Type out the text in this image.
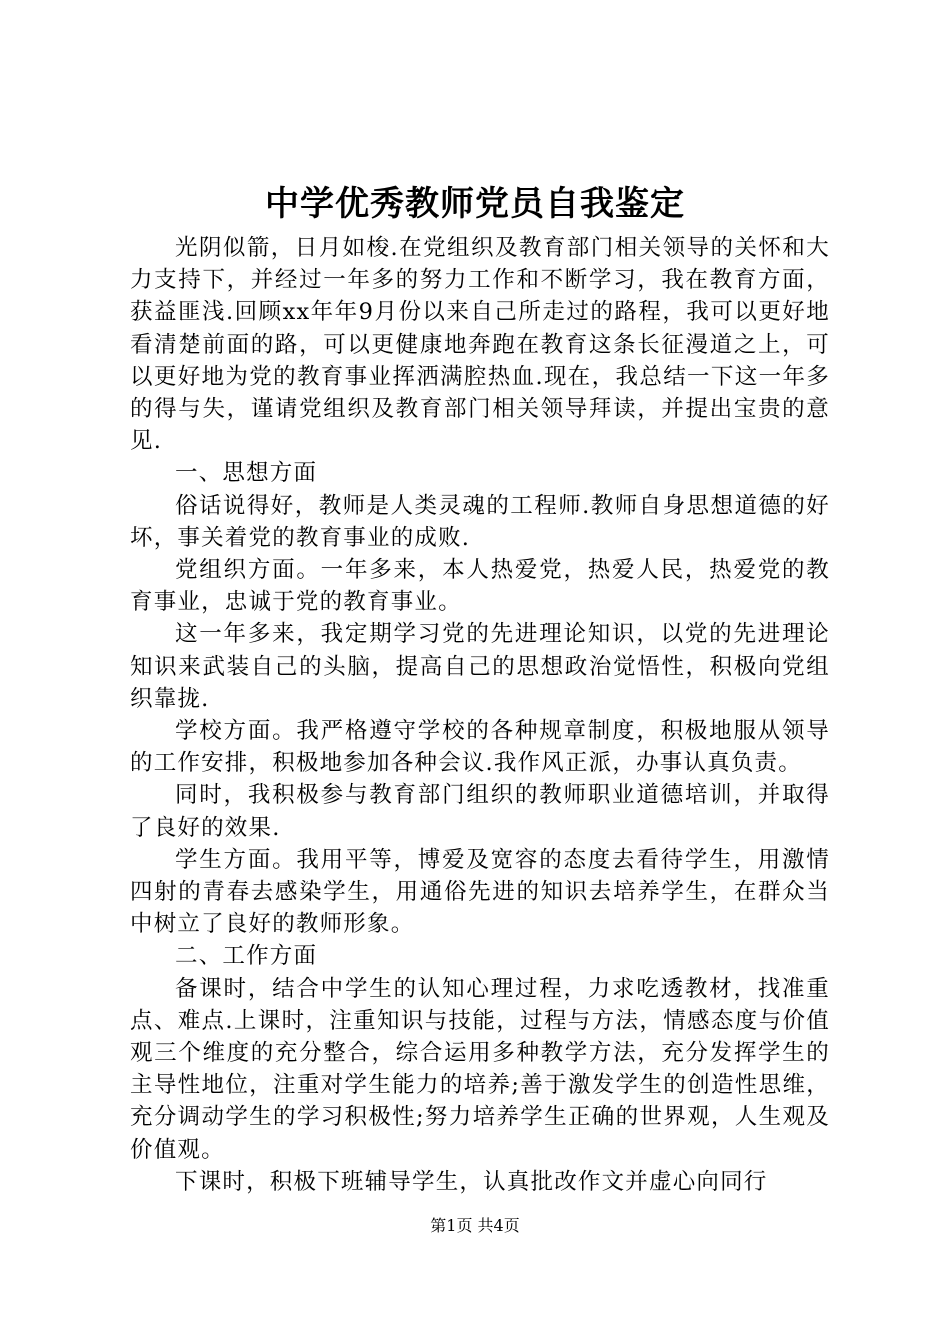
中学优秀教师党员自我鉴定

光阴似箭，日月如梭.在党组织及教育部门相关领导的关怀和大力支持下，并经过一年多的努力工作和不断学习，我在教育方面，获益匪浅.回顾xx年年9月份以来自己所走过的路程，我可以更好地看清楚前面的路，可以更健康地奔跑在教育这条长征漫道之上，可以更好地为党的教育事业挥洒满腔热血.现在，我总结一下这一年多的得与失，谨请党组织及教育部门相关领导拜读，并提出宝贵的意见.

一、思想方面

俗话说得好，教师是人类灵魂的工程师.教师自身思想道德的好坏，事关着党的教育事业的成败.

党组织方面。一年多来，本人热爱党，热爱人民，热爱党的教育事业，忠诚于党的教育事业。

这一年多来，我定期学习党的先进理论知识，以党的先进理论知识来武装自己的头脑，提高自己的思想政治觉悟性，积极向党组织靠拢.

学校方面。我严格遵守学校的各种规章制度，积极地服从领导的工作安排，积极地参加各种会议.我作风正派，办事认真负责。

同时，我积极参与教育部门组织的教师职业道德培训，并取得了良好的效果.

学生方面。我用平等，博爱及宽容的态度去看待学生，用激情四射的青春去感染学生，用通俗先进的知识去培养学生，在群众当中树立了良好的教师形象。

二、工作方面

备课时，结合中学生的认知心理过程，力求吃透教材，找准重点、难点.上课时，注重知识与技能，过程与方法，情感态度与价值观三个维度的充分整合，综合运用多种教学方法，充分发挥学生的主导性地位，注重对学生能力的培养;善于激发学生的创造性思维，充分调动学生的学习积极性;努力培养学生正确的世界观，人生观及价值观。

下课时，积极下班辅导学生，认真批改作文并虚心向同行

第1页 共4页
